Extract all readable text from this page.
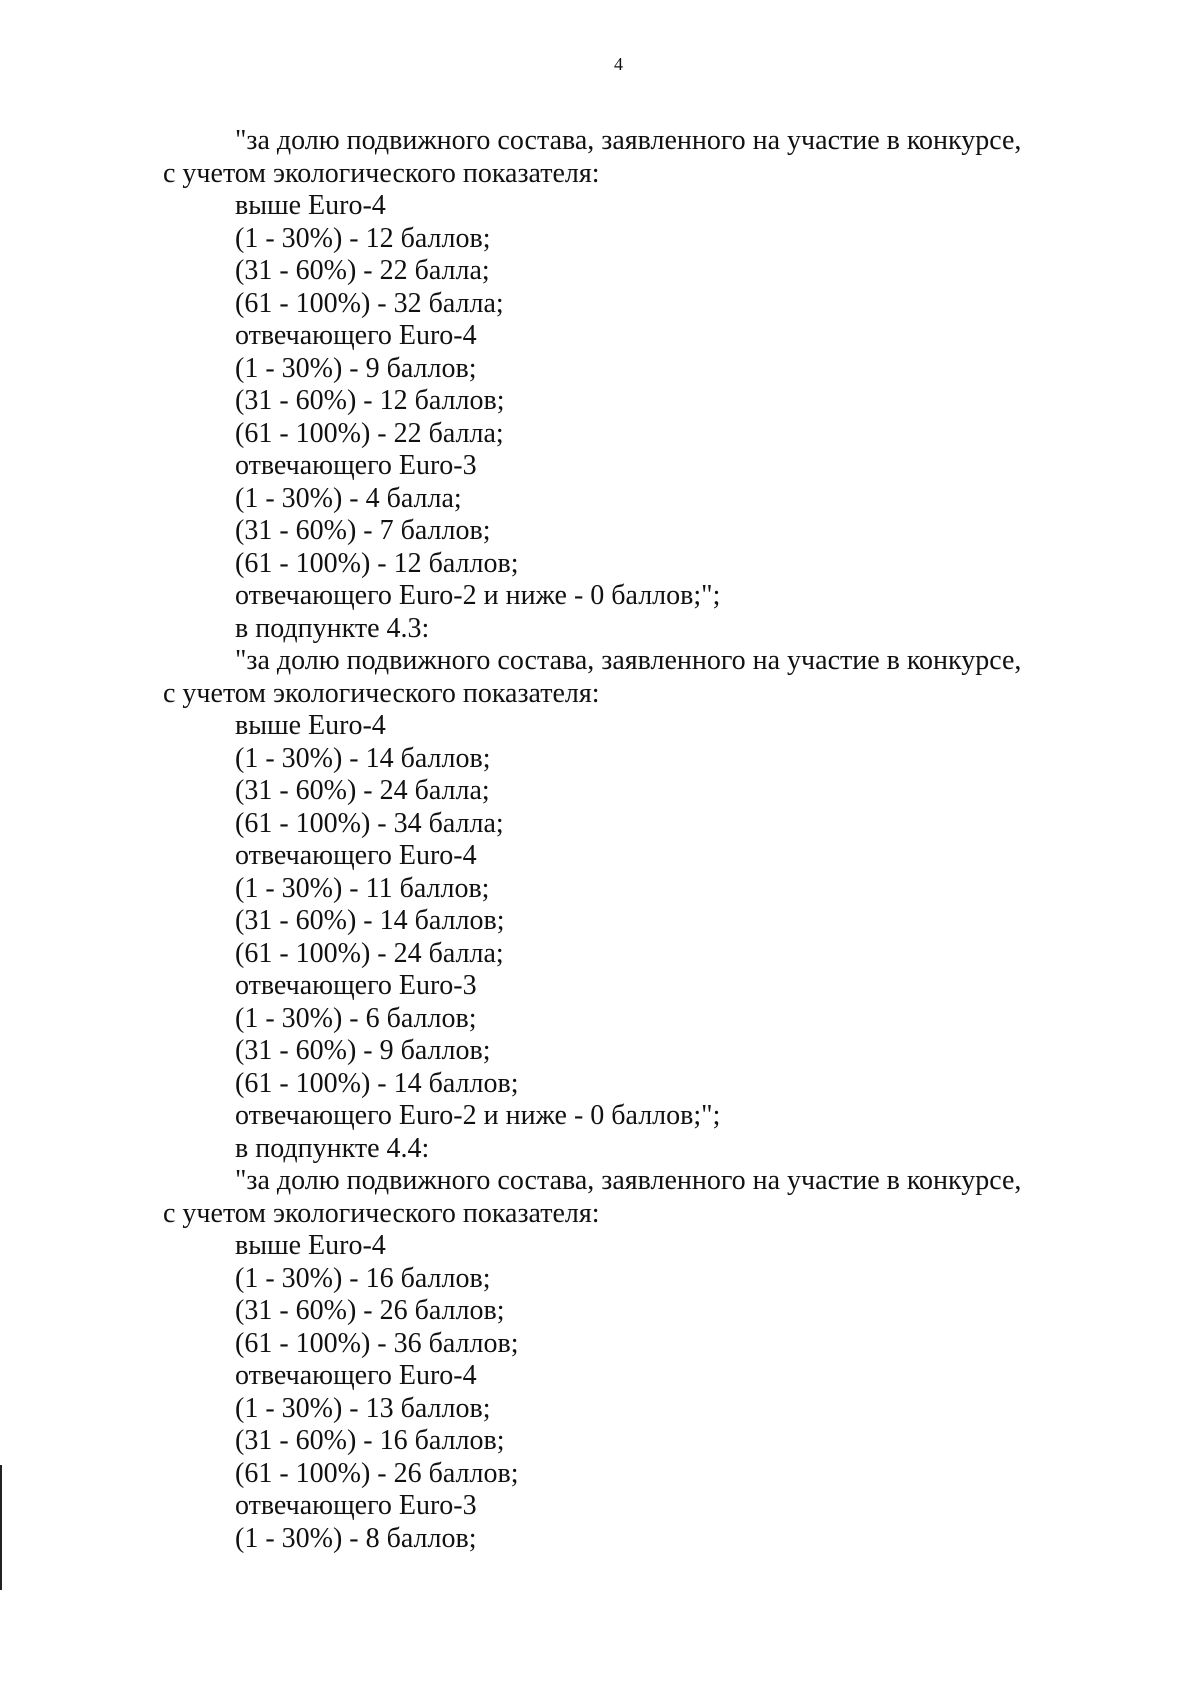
4
"за долю подвижного состава, заявленного на участие в конкурсе,
с учетом экологического показателя:
выше Euro-4
(1 - 30%) - 12 баллов;
(31 - 60%) - 22 балла;
(61 - 100%) - 32 балла;
отвечающего Euro-4
(1 - 30%) - 9 баллов;
(31 - 60%) - 12 баллов;
(61 - 100%) - 22 балла;
отвечающего Euro-3
(1 - 30%) - 4 балла;
(31 - 60%) - 7 баллов;
(61 - 100%) - 12 баллов;
отвечающего Euro-2 и ниже - 0 баллов;";
в подпункте 4.3:
"за долю подвижного состава, заявленного на участие в конкурсе,
с учетом экологического показателя:
выше Euro-4
(1 - 30%) - 14 баллов;
(31 - 60%) - 24 балла;
(61 - 100%) - 34 балла;
отвечающего Euro-4
(1 - 30%) - 11 баллов;
(31 - 60%) - 14 баллов;
(61 - 100%) - 24 балла;
отвечающего Euro-3
(1 - 30%) - 6 баллов;
(31 - 60%) - 9 баллов;
(61 - 100%) - 14 баллов;
отвечающего Euro-2 и ниже - 0 баллов;";
в подпункте 4.4:
"за долю подвижного состава, заявленного на участие в конкурсе,
с учетом экологического показателя:
выше Euro-4
(1 - 30%) - 16 баллов;
(31 - 60%) - 26 баллов;
(61 - 100%) - 36 баллов;
отвечающего Euro-4
(1 - 30%) - 13 баллов;
(31 - 60%) - 16 баллов;
(61 - 100%) - 26 баллов;
отвечающего Euro-3
(1 - 30%) - 8 баллов;
